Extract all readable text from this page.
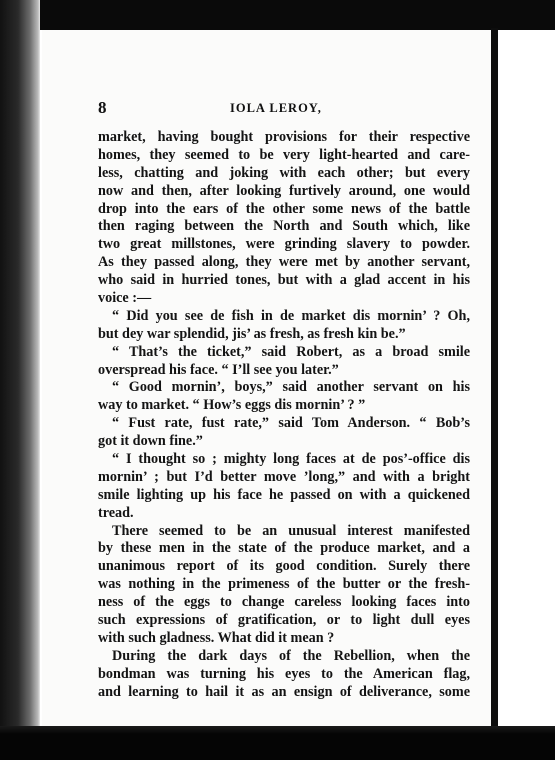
8	IOLA LEROY,
market, having bought provisions for their respective
homes, they seemed to be very light-hearted and care-
less, chatting and joking with each other; but every
now and then, after looking furtively around, one would
drop into the ears of the other some news of the battle
then raging between the North and South which, like
two great millstones, were grinding slavery to powder.
As they passed along, they were met by another servant,
who said in hurried tones, but with a glad accent in his
voice :—
“ Did you see de fish in de market dis mornin’ ? Oh,
but dey war splendid, jis’ as fresh, as fresh kin be.”
“ That’s the ticket,” said Robert, as a broad smile
overspread his face. “ I’ll see you later.”
“ Good mornin’, boys,” said another servant on his
way to market. “ How’s eggs dis mornin’ ? ”
“ Fust rate, fust rate,” said Tom Anderson. “ Bob’s
got it down fine.”
“ I thought so ; mighty long faces at de pos’-office dis
mornin’ ; but I’d better move ’long,” and with a bright
smile lighting up his face he passed on with a quickened
tread.
There seemed to be an unusual interest manifested
by these men in the state of the produce market, and a
unanimous report of its good condition. Surely there
was nothing in the primeness of the butter or the fresh-
ness of the eggs to change careless looking faces into
such expressions of gratification, or to light dull eyes
with such gladness. What did it mean ?
During the dark days of the Rebellion, when the
bondman was turning his eyes to the American flag,
and learning to hail it as an ensign of deliverance, some
